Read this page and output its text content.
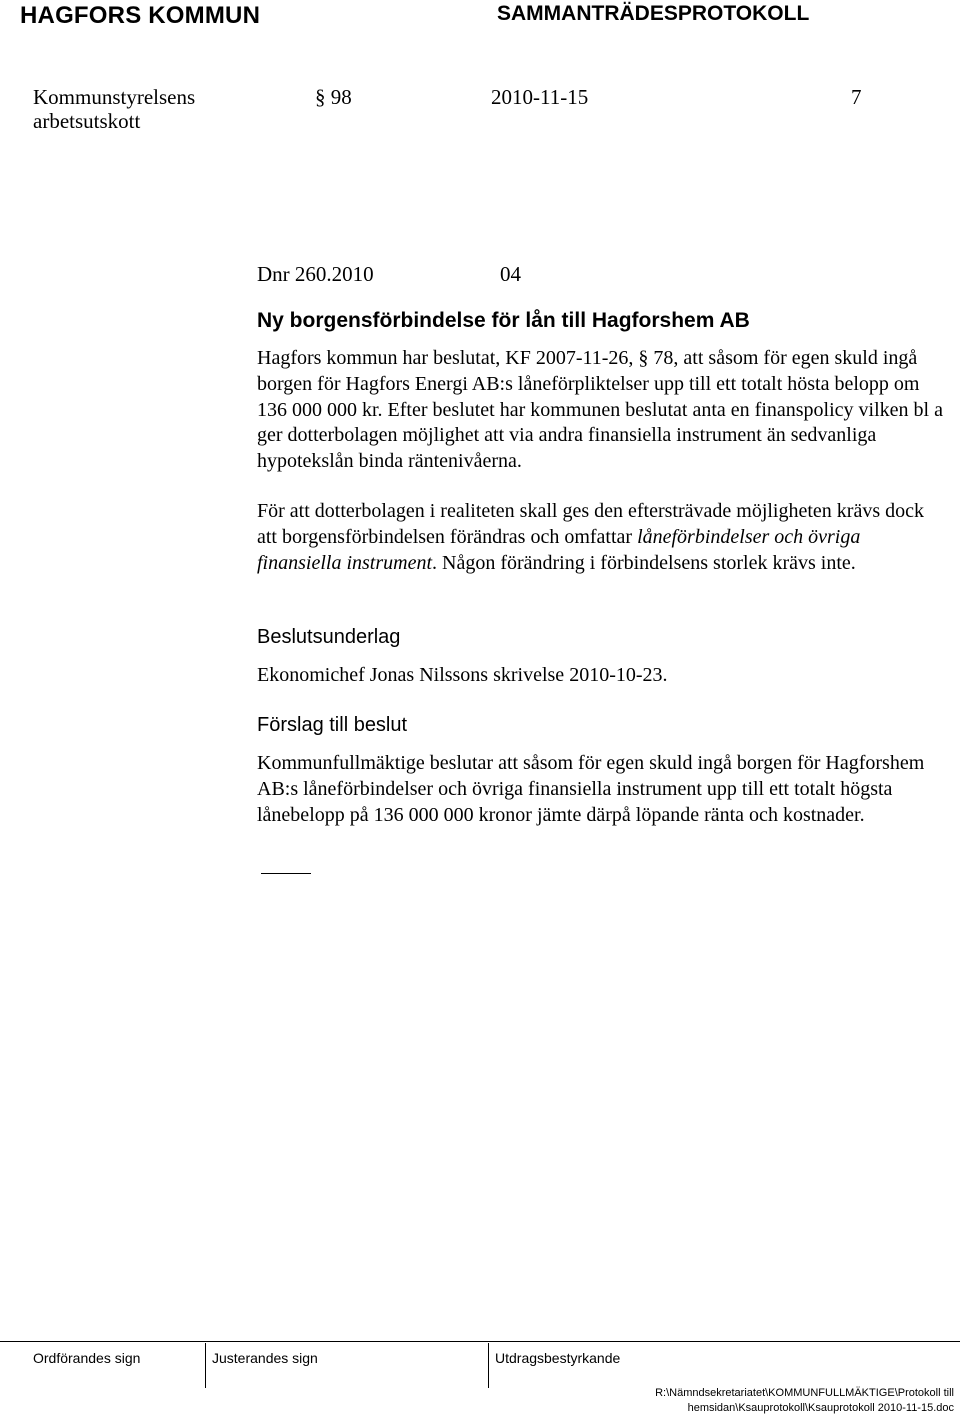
HAGFORS KOMMUN	SAMMANTRÄDESPROTOKOLL
Kommunstyrelsens arbetsutskott
§ 98	2010-11-15	7
Dnr 260.2010	04
Ny borgensförbindelse för lån till Hagforshem AB
Hagfors kommun har beslutat, KF 2007-11-26, § 78, att såsom för egen skuld ingå borgen för Hagfors Energi AB:s låneförpliktelser upp till ett totalt hösta belopp om 136 000 000 kr. Efter beslutet har kommunen beslutat anta en finanspolicy vilken bl a ger dotterbolagen möjlighet att via andra finansiella instrument än sedvanliga hypotekslån binda räntenivåerna.
För att dotterbolagen i realiteten skall ges den eftersträvade möjligheten krävs dock att borgensförbindelsen förändras och omfattar låneförbindelser och övriga finansiella instrument. Någon förändring i förbindelsens storlek krävs inte.
Beslutsunderlag
Ekonomichef Jonas Nilssons skrivelse 2010-10-23.
Förslag till beslut
Kommunfullmäktige beslutar att såsom för egen skuld ingå borgen för Hagforshem AB:s låneförbindelser och övriga finansiella instrument upp till ett totalt högsta lånebelopp på 136 000 000 kronor jämte därpå löpande ränta och kostnader.
Ordförandes sign	Justerandes sign	Utdragsbestyrkande
R:\Nämndsekretariatet\KOMMUNFULLMÄKTIGE\Protokoll till
hemsidan\Ksauprotokoll\Ksauprotokoll 2010-11-15.doc
